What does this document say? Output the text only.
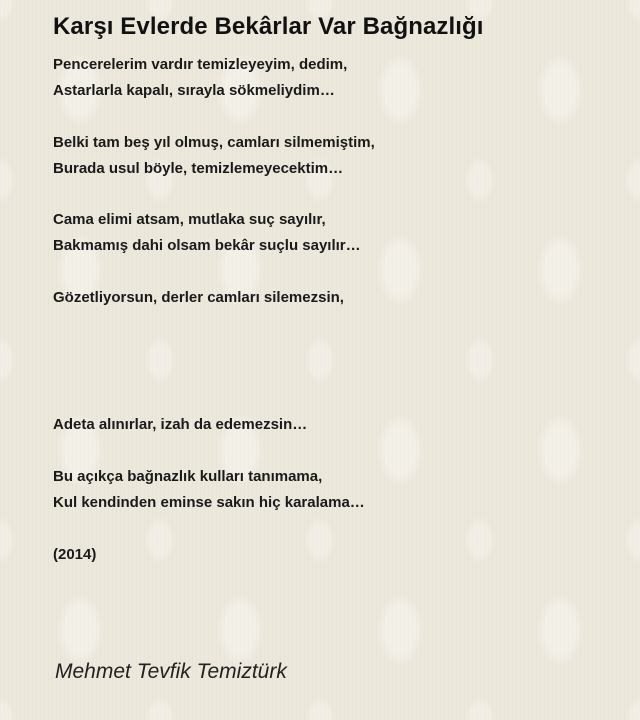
Karşı Evlerde Bekârlar Var Bağnazlığı

Pencerelerim vardır temizleyeyim, dedim,

Astarlarla kapalı, sırayla sökmeliydim…

Belki tam beş yıl olmuş, camları silmemiştim,

Burada usul böyle, temizlemeyecektim…

Cama elimi atsam, mutlaka suç sayılır,

Bakmamış dahi olsam bekâr suçlu sayılır…

Gözetliyorsun, derler camları silemezsin,

Adeta alınırlar, izah da edemezsin…

Bu açıkça bağnazlık kulları tanımama,

Kul kendinden eminse sakın hiç karalama…

(2014)

Mehmet Tevfik Temiztürk
